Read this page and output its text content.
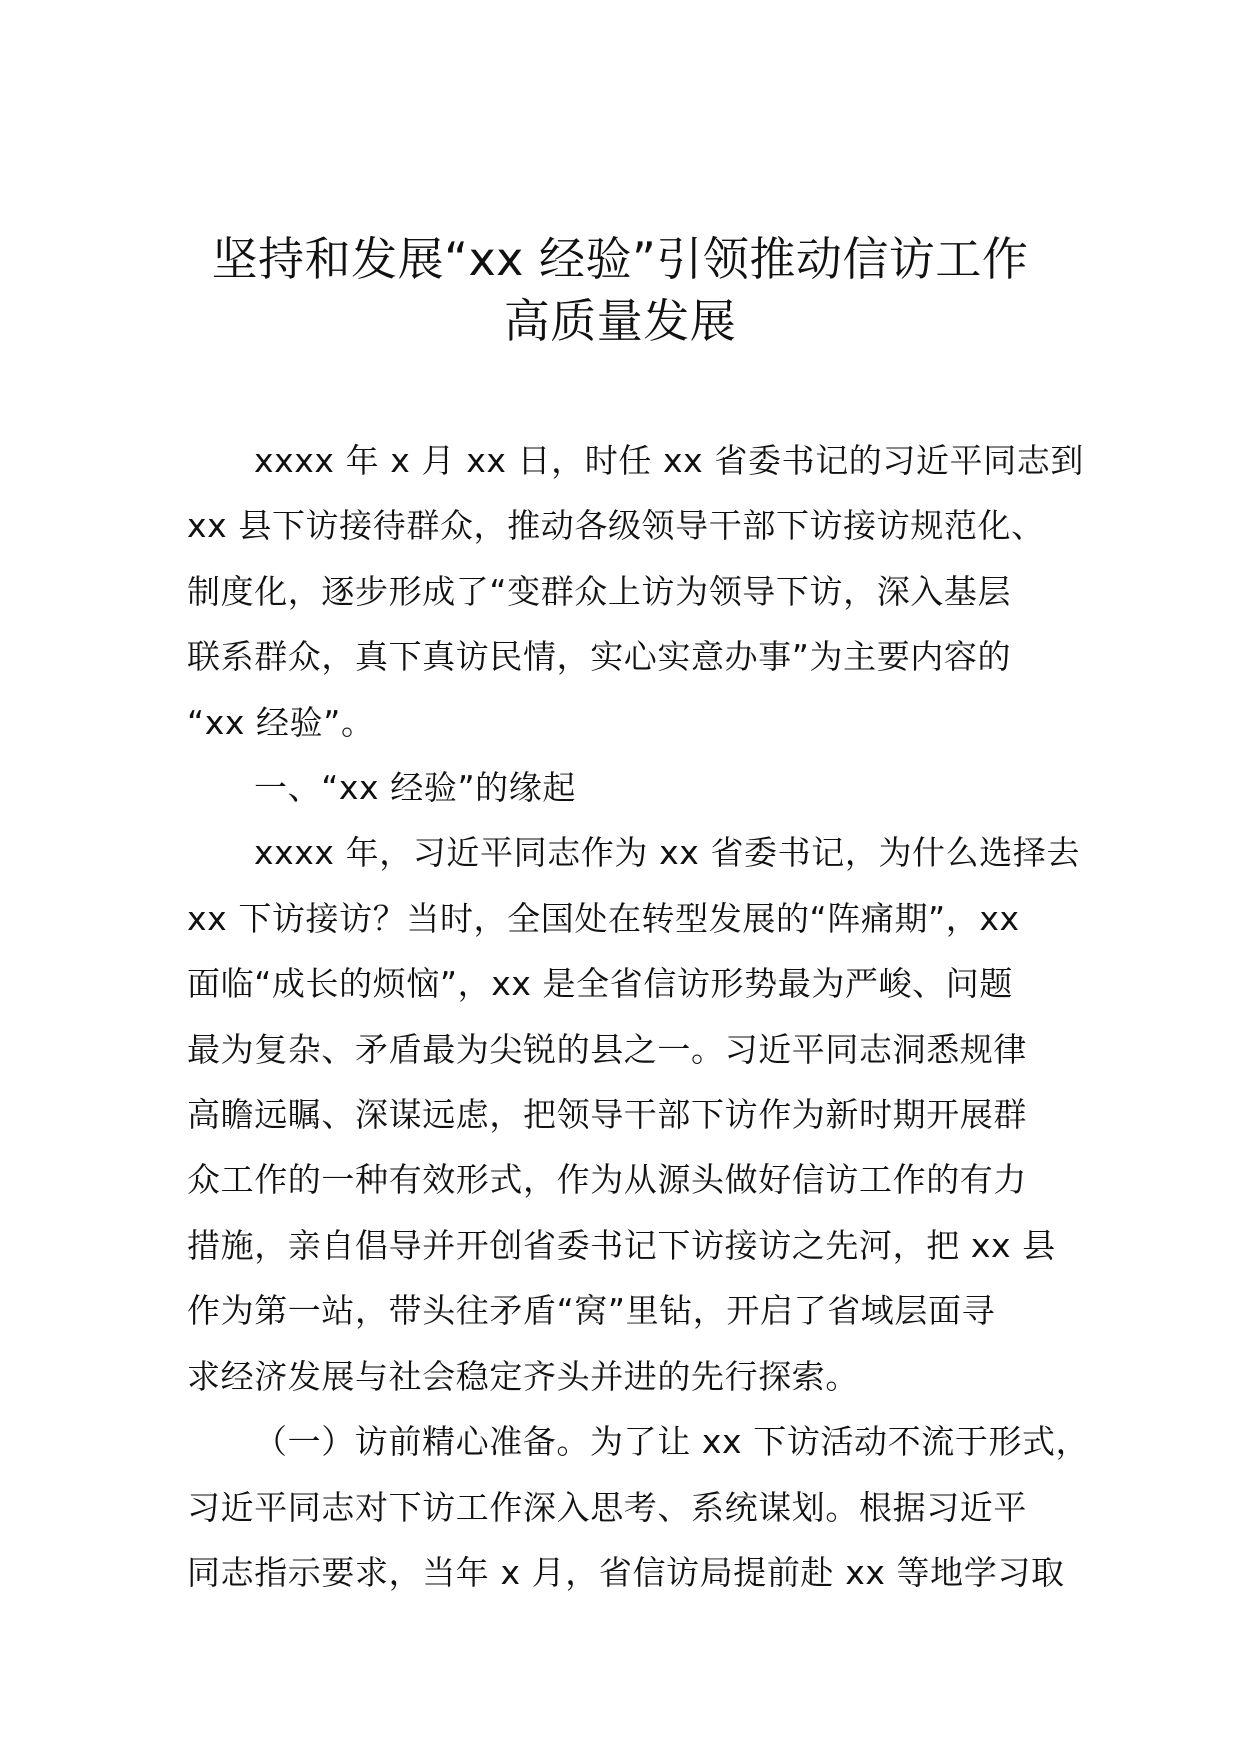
坚持和发展“xx 经验”引领推动信访工作
高质量发展

xxxx 年 x 月 xx 日，时任 xx 省委书记的习近平同志到
xx 县下访接待群众，推动各级领导干部下访接访规范化、
制度化，逐步形成了“变群众上访为领导下访，深入基层
联系群众，真下真访民情，实心实意办事”为主要内容的
“xx 经验”。

一、“xx 经验”的缘起

xxxx 年，习近平同志作为 xx 省委书记，为什么选择去
xx 下访接访？当时，全国处在转型发展的“阵痛期”，xx
面临“成长的烦恼”，xx 是全省信访形势最为严峻、问题
最为复杂、矛盾最为尖锐的县之一。习近平同志洞悉规律
高瞻远瞩、深谋远虑，把领导干部下访作为新时期开展群
众工作的一种有效形式，作为从源头做好信访工作的有力
措施，亲自倡导并开创省委书记下访接访之先河，把 xx 县
作为第一站，带头往矛盾“窝”里钻，开启了省域层面寻
求经济发展与社会稳定齐头并进的先行探索。

（一）访前精心准备。为了让 xx 下访活动不流于形式，
习近平同志对下访工作深入思考、系统谋划。根据习近平
同志指示要求，当年 x 月，省信访局提前赴 xx 等地学习取
